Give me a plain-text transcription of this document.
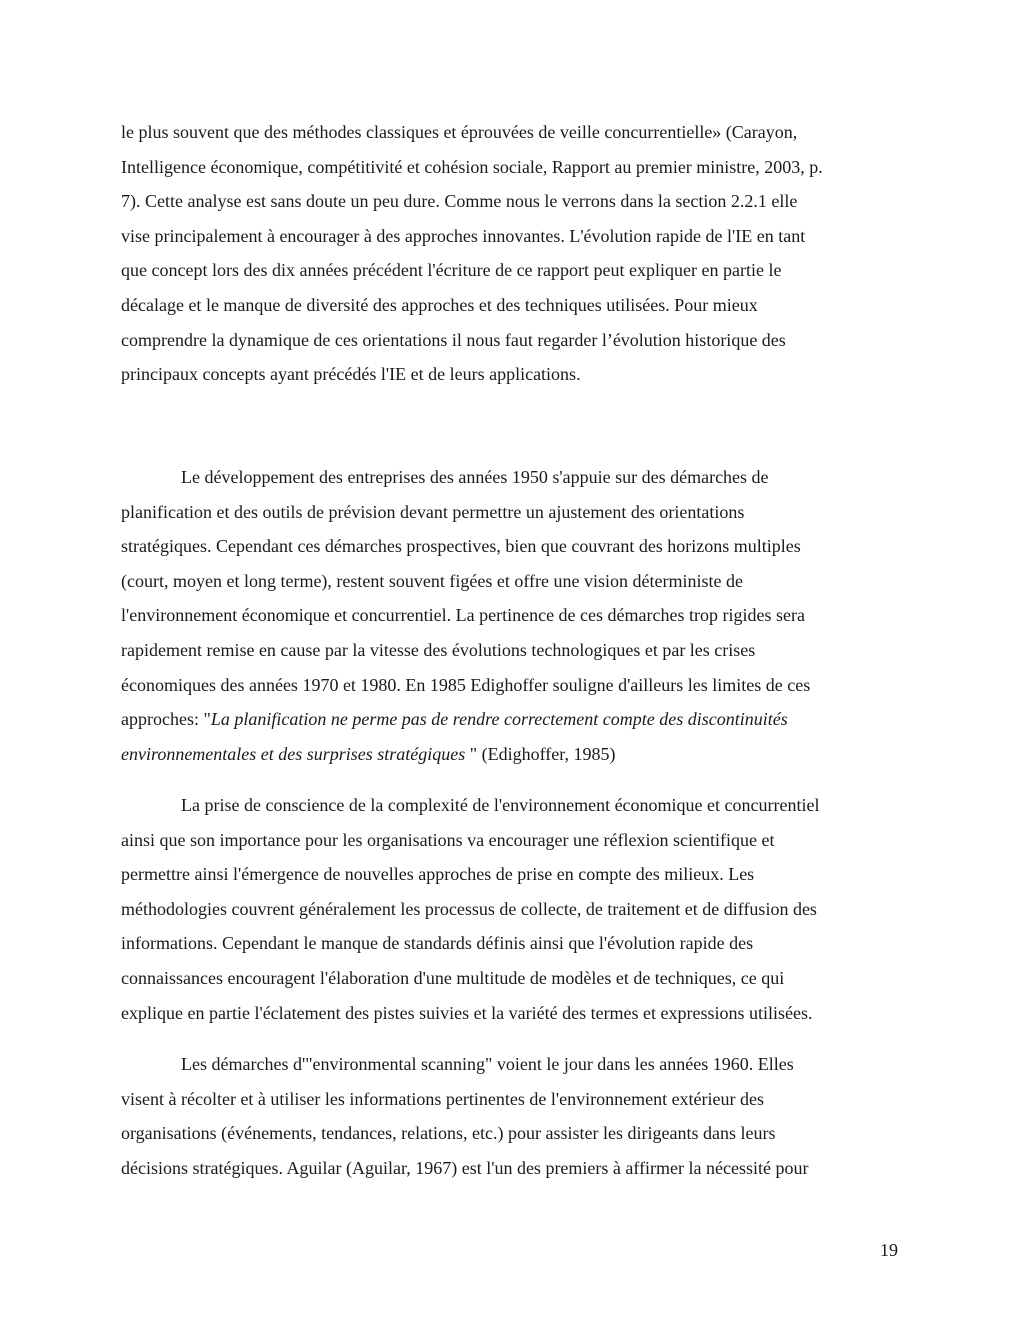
le plus souvent que des méthodes classiques et éprouvées de veille concurrentielle» (Carayon,
Intelligence économique, compétitivité et cohésion sociale, Rapport au premier ministre, 2003, p.
7). Cette analyse est sans doute un peu dure. Comme nous le verrons dans la section 2.2.1 elle
vise principalement à encourager à des approches innovantes. L'évolution rapide de l'IE en tant
que concept lors des dix années précédent l'écriture de ce rapport peut expliquer en partie le
décalage et le manque de diversité des approches et des techniques utilisées. Pour mieux
comprendre la dynamique de ces orientations il nous faut regarder l’évolution historique des
principaux concepts ayant précédés l'IE et de leurs applications.

Le développement des entreprises des années 1950 s'appuie sur des démarches de
planification et des outils de prévision devant permettre un ajustement des orientations
stratégiques. Cependant ces démarches prospectives, bien que couvrant des horizons multiples
(court, moyen et long terme), restent souvent figées et offre une vision déterministe de
l'environnement économique et concurrentiel. La pertinence de ces démarches trop rigides sera
rapidement remise en cause par la vitesse des évolutions technologiques et par les crises
économiques des années 1970 et 1980. En 1985 Edighoffer souligne d'ailleurs les limites de ces
approches: "La planification ne perme pas de rendre correctement compte des discontinuités
environnementales et des surprises stratégiques " (Edighoffer, 1985)

La prise de conscience de la complexité de l'environnement économique et concurrentiel
ainsi que son importance pour les organisations va encourager une réflexion scientifique et
permettre ainsi l'émergence de nouvelles approches de prise en compte des milieux. Les
méthodologies couvrent généralement les processus de collecte, de traitement et de diffusion des
informations. Cependant le manque de standards définis ainsi que l'évolution rapide des
connaissances encouragent l'élaboration d'une multitude de modèles et de techniques, ce qui
explique en partie l'éclatement des pistes suivies et la variété des termes et expressions utilisées.

Les démarches d'"environmental scanning" voient le jour dans les années 1960. Elles
visent à récolter et à utiliser les informations pertinentes de l'environnement extérieur des
organisations (événements, tendances, relations, etc.) pour assister les dirigeants dans leurs
décisions stratégiques. Aguilar (Aguilar, 1967) est l'un des premiers à affirmer la nécessité pour

19
